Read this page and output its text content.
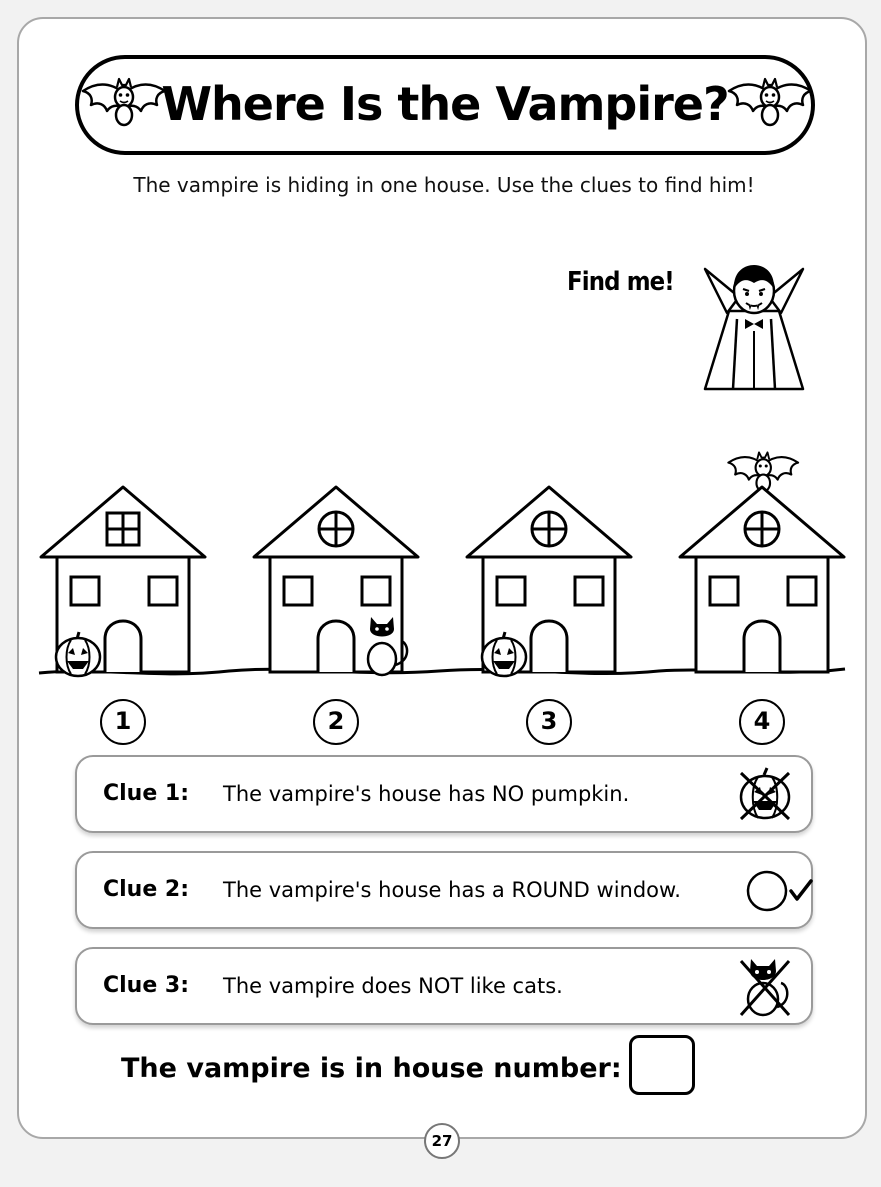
Where Is the Vampire?
The vampire is hiding in one house. Use the clues to find him!
Find me!
1	2	3	4
Clue 1: The vampire's house has NO pumpkin.
Clue 2: The vampire's house has a ROUND window.
Clue 3: The vampire does NOT like cats.
The vampire is in house number:
27
